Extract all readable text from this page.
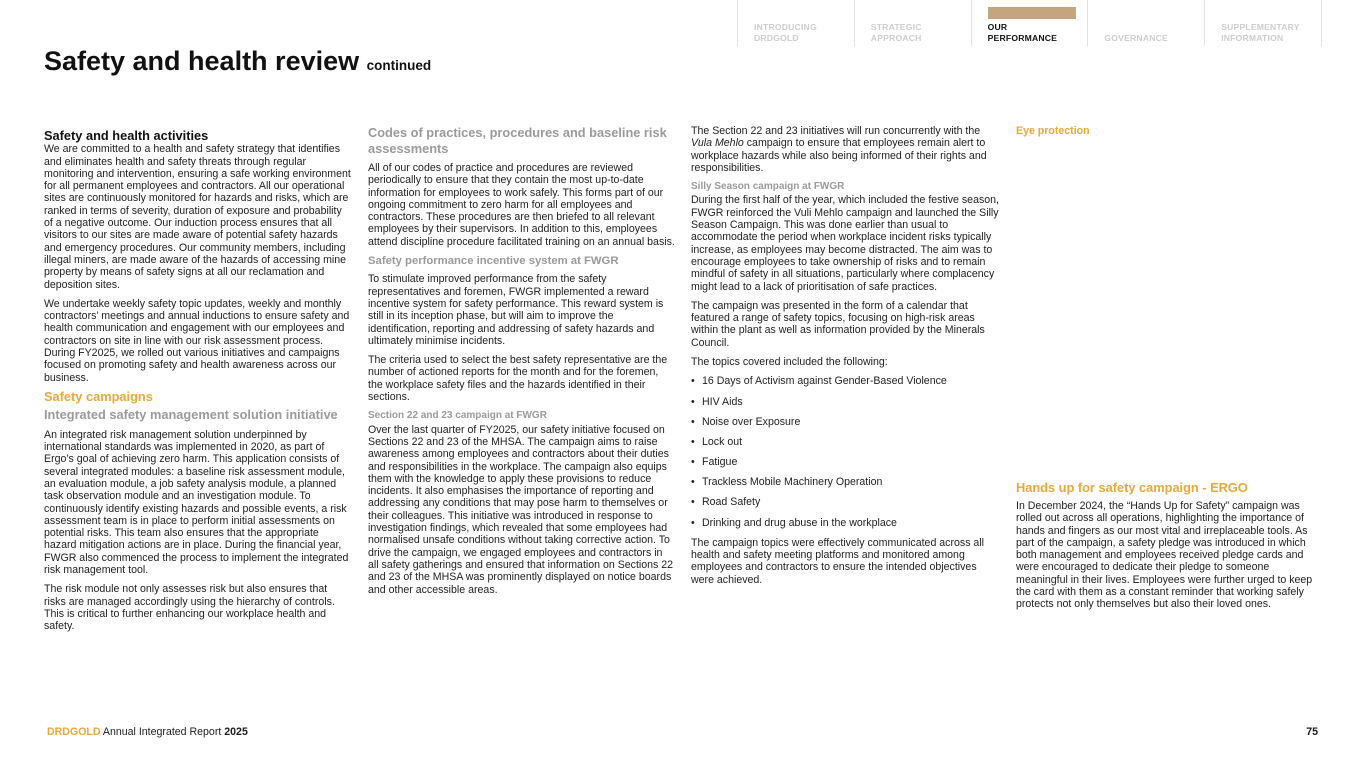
INTRODUCING
DRDGOLD
STRATEGIC
APPROACH
OUR
PERFORMANCE	GOVERNANCE
SUPPLEMENTARY
INFORMATION
Safety and health review continued
Safety and health activities

We are committed to a health and safety strategy that identifies and eliminates health and safety threats through regular monitoring and intervention, ensuring a safe working environment for all permanent employees and contractors. All our operational sites are continuously monitored for hazards and risks, which are ranked in terms of severity, duration of exposure and probability of a negative outcome. Our induction process ensures that all visitors to our sites are made aware of potential safety hazards and emergency procedures. Our community members, including illegal miners, are made aware of the hazards of accessing mine property by means of safety signs at all our reclamation and deposition sites.

We undertake weekly safety topic updates, weekly and monthly contractors’ meetings and annual inductions to ensure safety and health communication and engagement with our employees and contractors on site in line with our risk assessment process. During FY2025, we rolled out various initiatives and campaigns focused on promoting safety and health awareness across our business.

Safety campaigns
Integrated safety management solution initiative

An integrated risk management solution underpinned by international standards was implemented in 2020, as part of Ergo’s goal of achieving zero harm. This application consists of several integrated modules: a baseline risk assessment module, an evaluation module, a job safety analysis module, a planned task observation module and an investigation module. To continuously identify existing hazards and possible events, a risk assessment team is in place to perform initial assessments on potential risks. This team also ensures that the appropriate hazard mitigation actions are in place. During the financial year, FWGR also commenced the process to implement the integrated risk management tool.

The risk module not only assesses risk but also ensures that risks are managed accordingly using the hierarchy of controls. This is critical to further enhancing our workplace health and safety.

Codes of practices, procedures and baseline risk assessments

All of our codes of practice and procedures are reviewed periodically to ensure that they contain the most up-to-date information for employees to work safely. This forms part of our ongoing commitment to zero harm for all employees and contractors. These procedures are then briefed to all relevant employees by their supervisors. In addition to this, employees attend discipline procedure facilitated training on an annual basis.

Safety performance incentive system at FWGR

To stimulate improved performance from the safety representatives and foremen, FWGR implemented a reward incentive system for safety performance. This reward system is still in its inception phase, but will aim to improve the identification, reporting and addressing of safety hazards and ultimately minimise incidents.

The criteria used to select the best safety representative are the number of actioned reports for the month and for the foremen, the workplace safety files and the hazards identified in their sections.

Section 22 and 23 campaign at FWGR

Over the last quarter of FY2025, our safety initiative focused on Sections 22 and 23 of the MHSA. The campaign aims to raise awareness among employees and contractors about their duties and responsibilities in the workplace. The campaign also equips them with the knowledge to apply these provisions to reduce incidents. It also emphasises the importance of reporting and addressing any conditions that may pose harm to themselves or their colleagues. This initiative was introduced in response to investigation findings, which revealed that some employees had normalised unsafe conditions without taking corrective action. To drive the campaign, we engaged employees and contractors in all safety gatherings and ensured that information on Sections 22 and 23 of the MHSA was prominently displayed on notice boards and other accessible areas.

The Section 22 and 23 initiatives will run concurrently with the Vula Mehlo campaign to ensure that employees remain alert to workplace hazards while also being informed of their rights and responsibilities.

Silly Season campaign at FWGR

During the first half of the year, which included the festive season, FWGR reinforced the Vuli Mehlo campaign and launched the Silly Season Campaign. This was done earlier than usual to accommodate the period when workplace incident risks typically increase, as employees may become distracted. The aim was to encourage employees to take ownership of risks and to remain mindful of safety in all situations, particularly where complacency might lead to a lack of prioritisation of safe practices.

The campaign was presented in the form of a calendar that featured a range of safety topics, focusing on high-risk areas within the plant as well as information provided by the Minerals Council.

The topics covered included the following:

• 16 Days of Activism against Gender-Based Violence
• HIV Aids
• Noise over Exposure
• Lock out
• Fatigue
• Trackless Mobile Machinery Operation
• Road Safety
• Drinking and drug abuse in the workplace

The campaign topics were effectively communicated across all health and safety meeting platforms and monitored among employees and contractors to ensure the intended objectives were achieved.

Eye protection
Hands up for safety campaign - ERGO

In December 2024, the “Hands Up for Safety” campaign was rolled out across all operations, highlighting the importance of hands and fingers as our most vital and irreplaceable tools. As part of the campaign, a safety pledge was introduced in which both management and employees received pledge cards and were encouraged to dedicate their pledge to someone meaningful in their lives. Employees were further urged to keep the card with them as a constant reminder that working safely protects not only themselves but also their loved ones.

DRDGOLD Annual Integrated Report 2025	75
